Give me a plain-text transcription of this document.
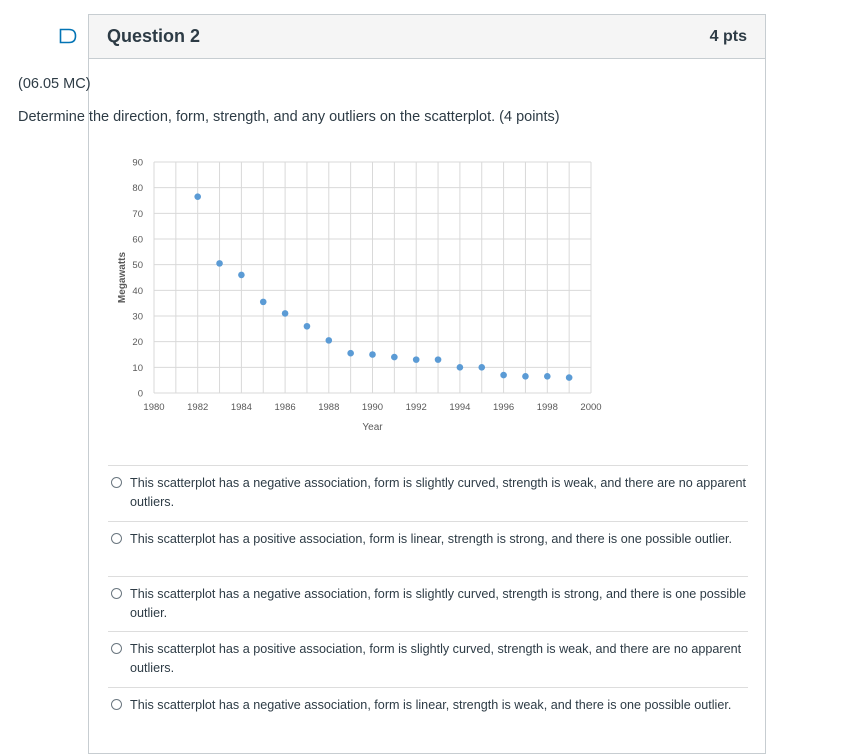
Question 2	4 pts
(06.05 MC)
Determine the direction, form, strength, and any outliers on the scatterplot. (4 points)
0
10
20
30
40
50
60
70
80
90
1980 1982 1984 1986 1988 1990 1992 1994 1996 1998 2000
Year
Megawatts
This scatterplot has a negative association, form is slightly curved, strength is weak, and there are no apparent outliers.
This scatterplot has a positive association, form is linear, strength is strong, and there is one possible outlier.
This scatterplot has a negative association, form is slightly curved, strength is strong, and there is one possible outlier.
This scatterplot has a positive association, form is slightly curved, strength is weak, and there are no apparent outliers.
This scatterplot has a negative association, form is linear, strength is weak, and there is one possible outlier.
